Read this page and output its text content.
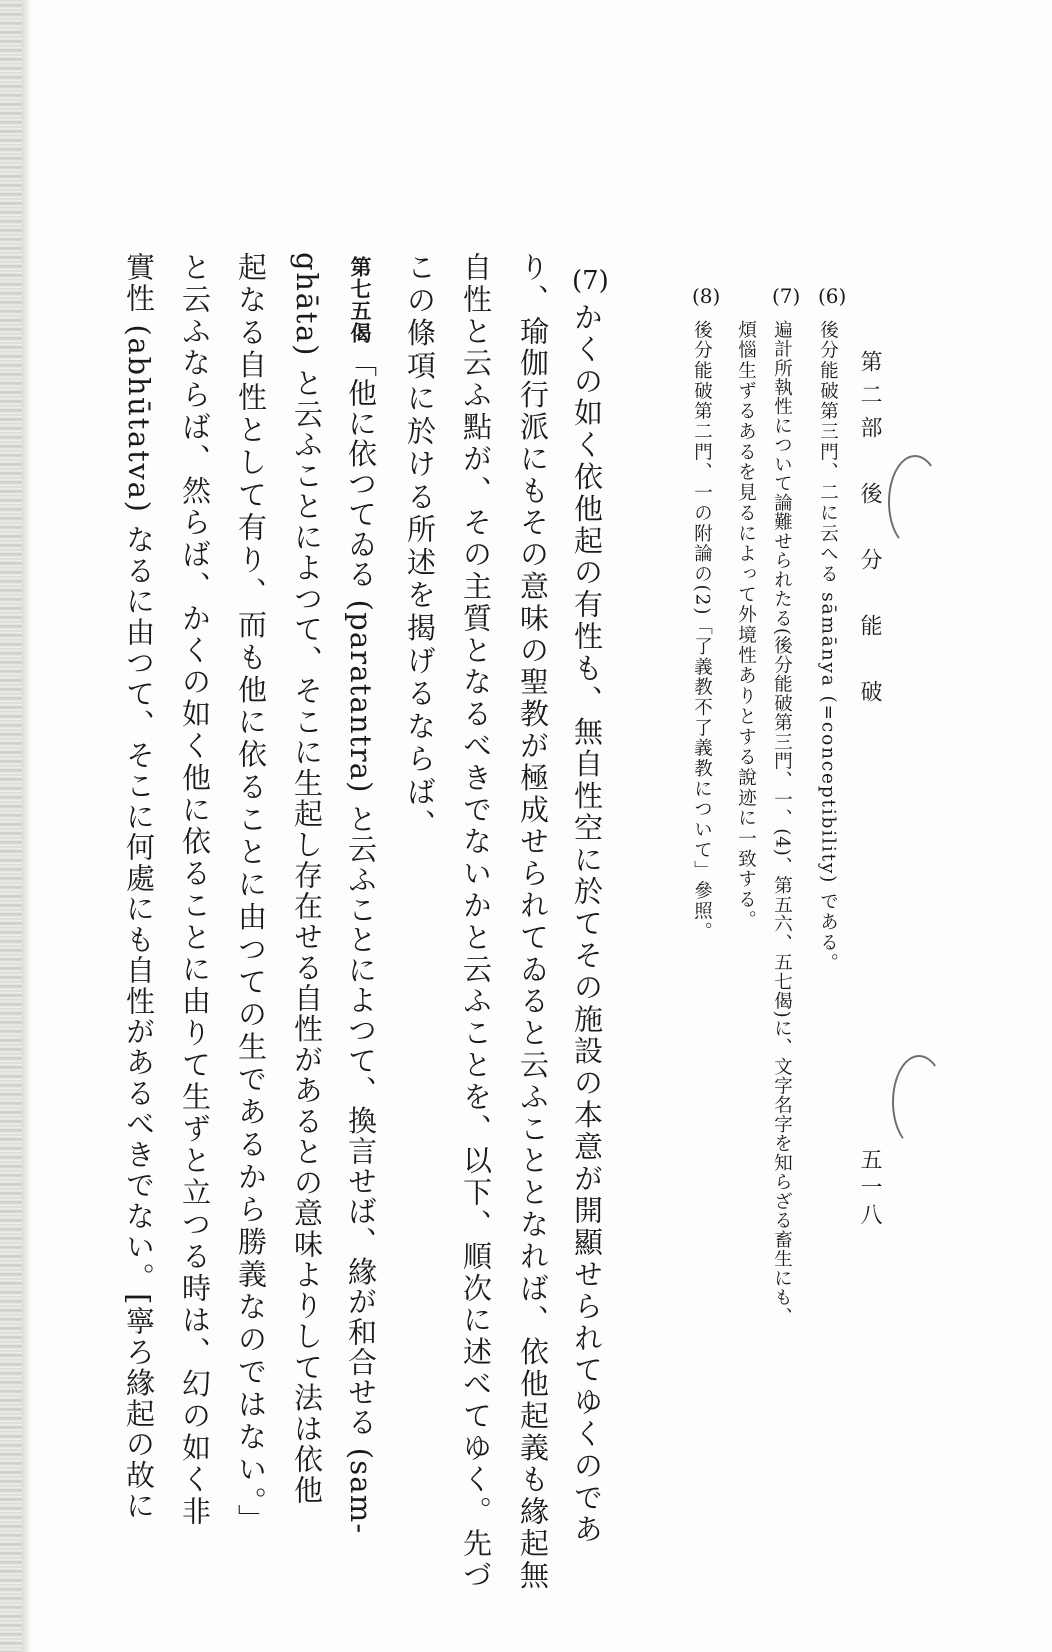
第二部　後　分　能　破
五一八
(6)
後分能破第三門、二に云へる sāmānya (=conceptibility) である。
(7)
遍計所執性について論難せられたる(後分能破第三門、一、(4)、第五六、五七偈)に、文字名字を知らざる畜生にも、
煩惱生ずるあるを見るによって外境性ありとする說迹に一致する。
(8)
後分能破第二門、一の附論の(2)「了義教不了義教について」參照。
(7)
かくの如く依他起の有性も、無自性空に於てその施設の本意が開顯せられてゆくのであ
り、瑜伽行派にもその意味の聖教が極成せられてゐると云ふこととなれば、依他起義も緣起無
自性と云ふ點が、その主質となるべきでないかと云ふことを、以下、順次に述べてゆく。先づ
この條項に於ける所述を揭げるならば、
第七五偈
「他に依つてゐる (paratantra) と云ふことによつて、換言せば、緣が和合せる (sam-
ghāta) と云ふことによつて、そこに生起し存在せる自性があるとの意味よりして法は依他
起なる自性として有り、而も他に依ることに由つての生であるから勝義なのではない。」
と云ふならば、然らば、かくの如く他に依ることに由りて生ずと立つる時は、幻の如く非
實性 (abhūtatva) なるに由つて、そこに何處にも自性があるべきでない。[寧ろ緣起の故に
